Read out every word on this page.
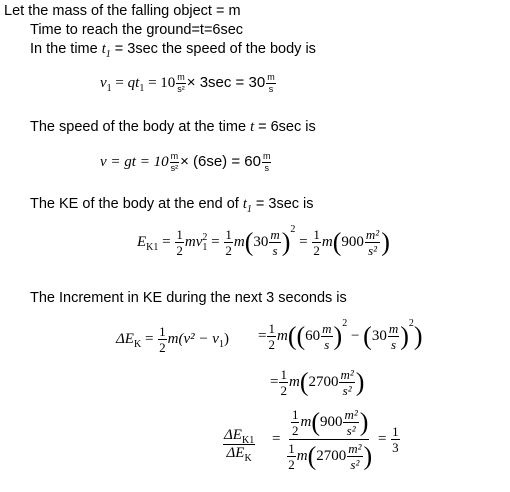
Let the mass of the falling object = m
Time to reach the ground=t=6sec
In the time $t_1 = 3\sec$ the speed of the body is
$v_1 = qt_1 = 10 \frac{m}{\text{s²}} \times 3\sec = 30 \frac{m}{s}$
The speed of the body at the time t = 6sec is
v = gt = $10 \frac{m}{\text{s²}} \times (6se) = 60 \frac{m}{s}$
The KE of the body at the end of $t_1 = 3\sec$ is
$E_{K1} = \frac{1}{2} mv^2_1 = \frac{1}{2} m(30 \frac{m}{s} )^2 = \frac{1}{2} m(900 \frac{\text{m²}}{\text{s²}}$ )
The Increment in KE during the next 3 seconds is
$\Delta E_K = \frac{1}{2} m(v^2 - v_1) = \frac{1}{2} m((60 \frac{m}{s} )^2 - (30 \frac{m}{s} )^2)$
= $\frac{1}{2} m(2700 \frac{\text{m²}}{\text{s²}}$ )
$\frac{\Delta E_{K1}}{\Delta E_K} = \frac{\frac{1}{2} m(900 \frac{\text{m²}}{\text{s²}} )}{\frac{1}{2} m(2700 \frac{\text{m²}}{\text{s²}} )} = \frac{1}{3}$
